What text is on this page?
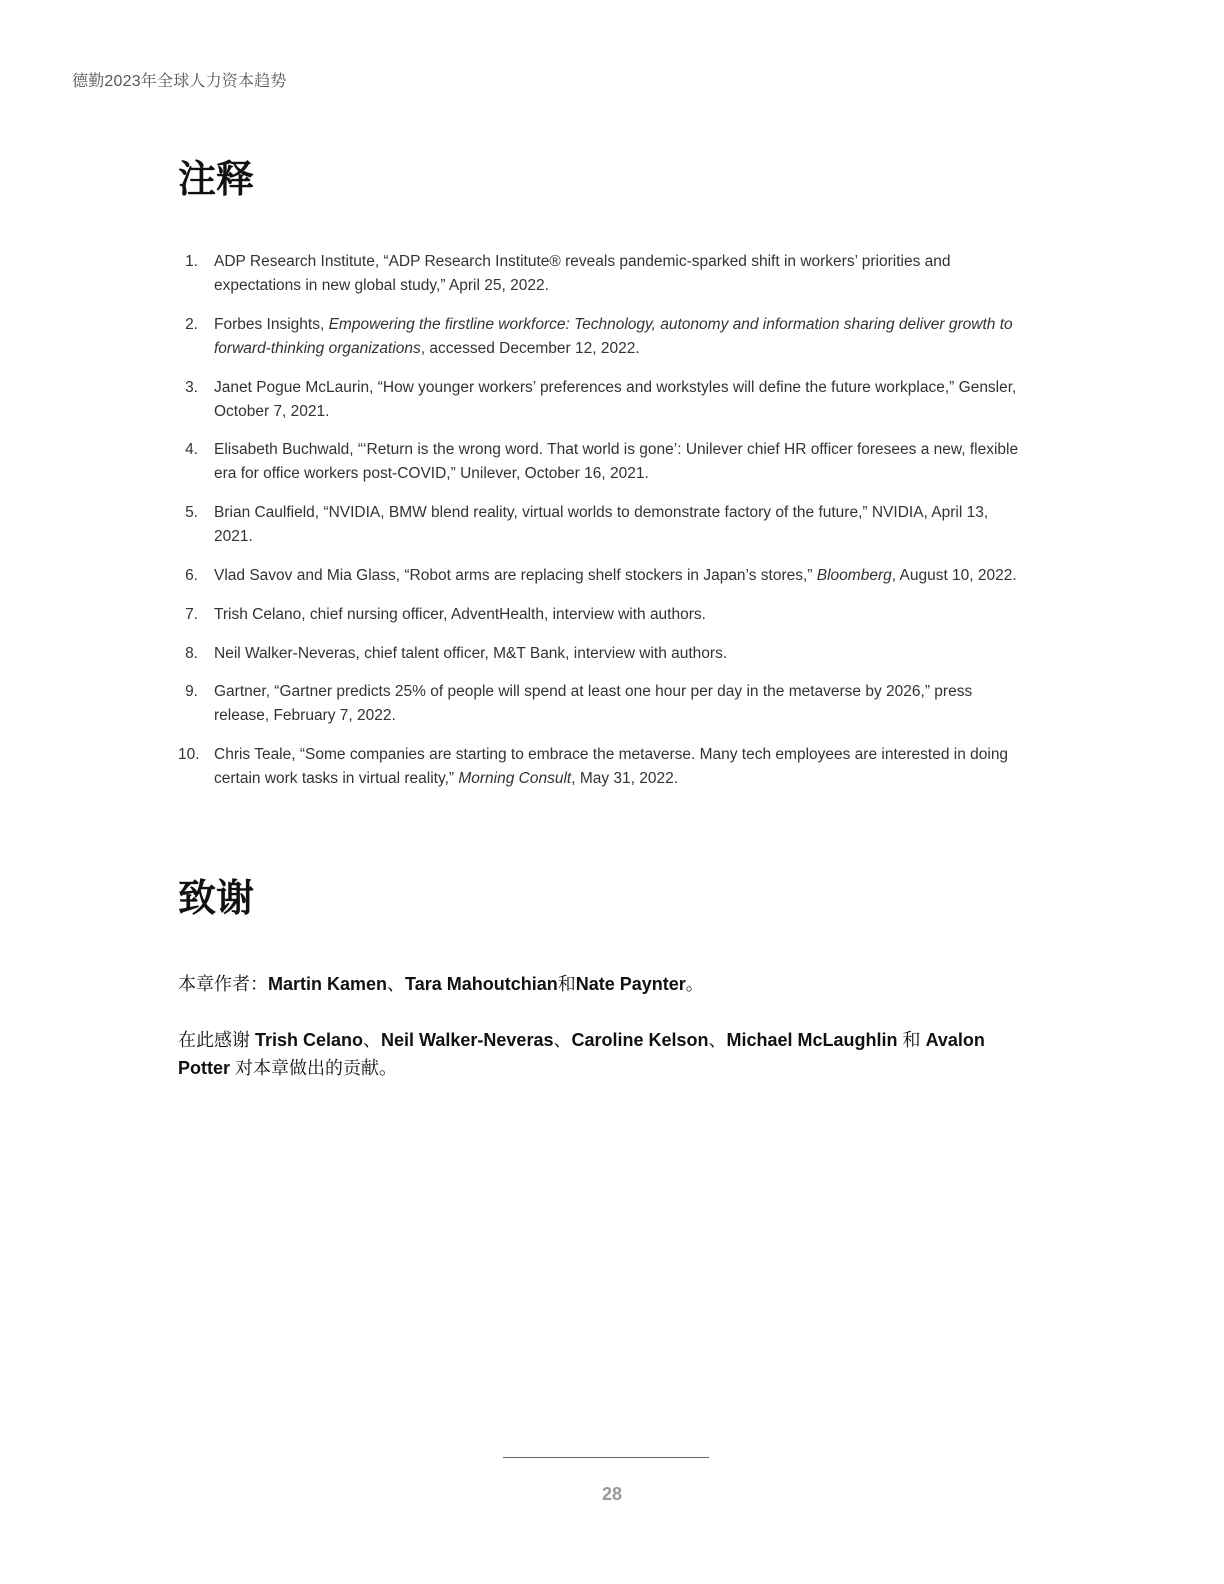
德勤2023年全球人力资本趋势
注释
1. ADP Research Institute, “ADP Research Institute® reveals pandemic-sparked shift in workers’ priorities and expectations in new global study,” April 25, 2022.
2. Forbes Insights, Empowering the firstline workforce: Technology, autonomy and information sharing deliver growth to forward-thinking organizations, accessed December 12, 2022.
3. Janet Pogue McLaurin, “How younger workers’ preferences and workstyles will define the future workplace,” Gensler, October 7, 2021.
4. Elisabeth Buchwald, “‘Return is the wrong word. That world is gone’: Unilever chief HR officer foresees a new, flexible era for office workers post-COVID,” Unilever, October 16, 2021.
5. Brian Caulfield, “NVIDIA, BMW blend reality, virtual worlds to demonstrate factory of the future,” NVIDIA, April 13, 2021.
6. Vlad Savov and Mia Glass, “Robot arms are replacing shelf stockers in Japan’s stores,” Bloomberg, August 10, 2022.
7. Trish Celano, chief nursing officer, AdventHealth, interview with authors.
8. Neil Walker-Neveras, chief talent officer, M&T Bank, interview with authors.
9. Gartner, “Gartner predicts 25% of people will spend at least one hour per day in the metaverse by 2026,” press release, February 7, 2022.
10. Chris Teale, “Some companies are starting to embrace the metaverse. Many tech employees are interested in doing certain work tasks in virtual reality,” Morning Consult, May 31, 2022.
致谢

本章作者：Martin Kamen、Tara Mahoutchian和Nate Paynter。

在此感谢 Trish Celano、Neil Walker-Neveras、Caroline Kelson、Michael McLaughlin 和 Avalon Potter 对本章做出的贡献。

28
